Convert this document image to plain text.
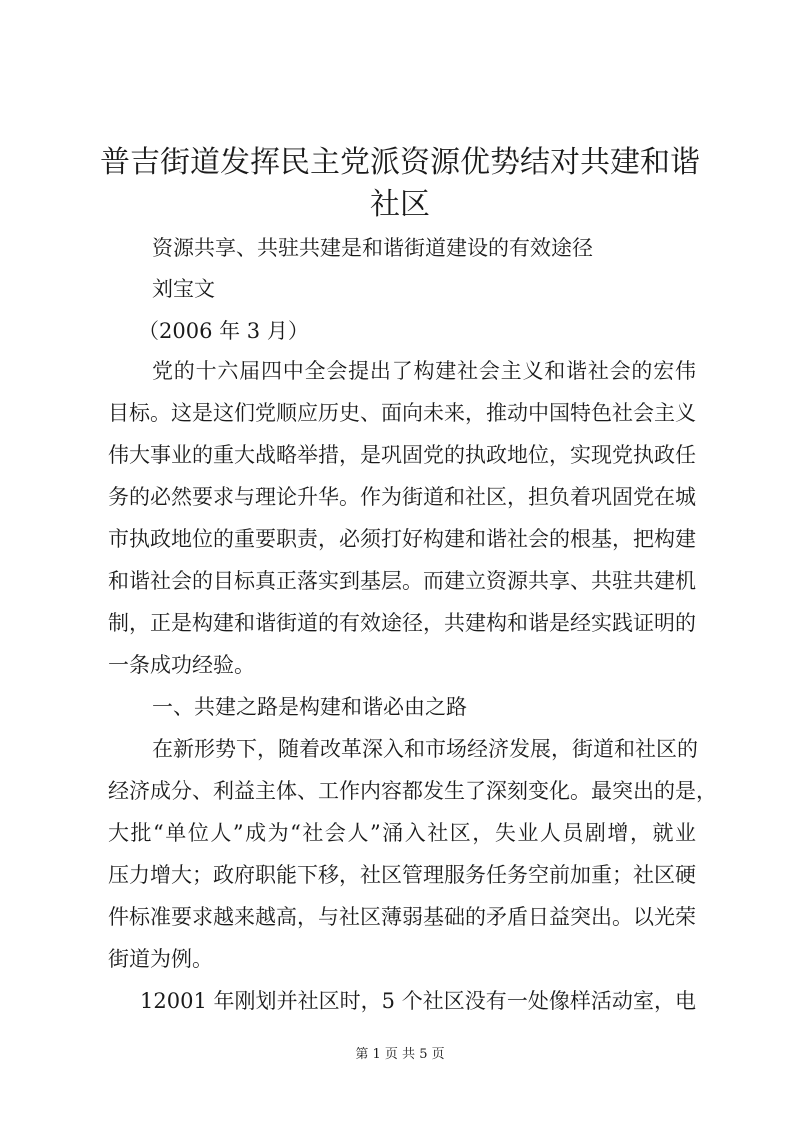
普吉街道发挥民主党派资源优势结对共建和谐
社区
资源共享、共驻共建是和谐街道建设的有效途径
刘宝文
（2006 年 3 月）
党的十六届四中全会提出了构建社会主义和谐社会的宏伟
目标。这是这们党顺应历史、面向未来，推动中国特色社会主义
伟大事业的重大战略举措，是巩固党的执政地位，实现党执政任
务的必然要求与理论升华。作为街道和社区，担负着巩固党在城
市执政地位的重要职责，必须打好构建和谐社会的根基，把构建
和谐社会的目标真正落实到基层。而建立资源共享、共驻共建机
制，正是构建和谐街道的有效途径，共建构和谐是经实践证明的
一条成功经验。
一、共建之路是构建和谐必由之路
在新形势下，随着改革深入和市场经济发展，街道和社区的
经济成分、利益主体、工作内容都发生了深刻变化。最突出的是，
大批“单位人”成为“社会人”涌入社区，失业人员剧增，就业
压力增大；政府职能下移，社区管理服务任务空前加重；社区硬
件标准要求越来越高，与社区薄弱基础的矛盾日益突出。以光荣
街道为例。
12001 年刚划并社区时，5 个社区没有一处像样活动室，电
第 1 页 共 5 页
